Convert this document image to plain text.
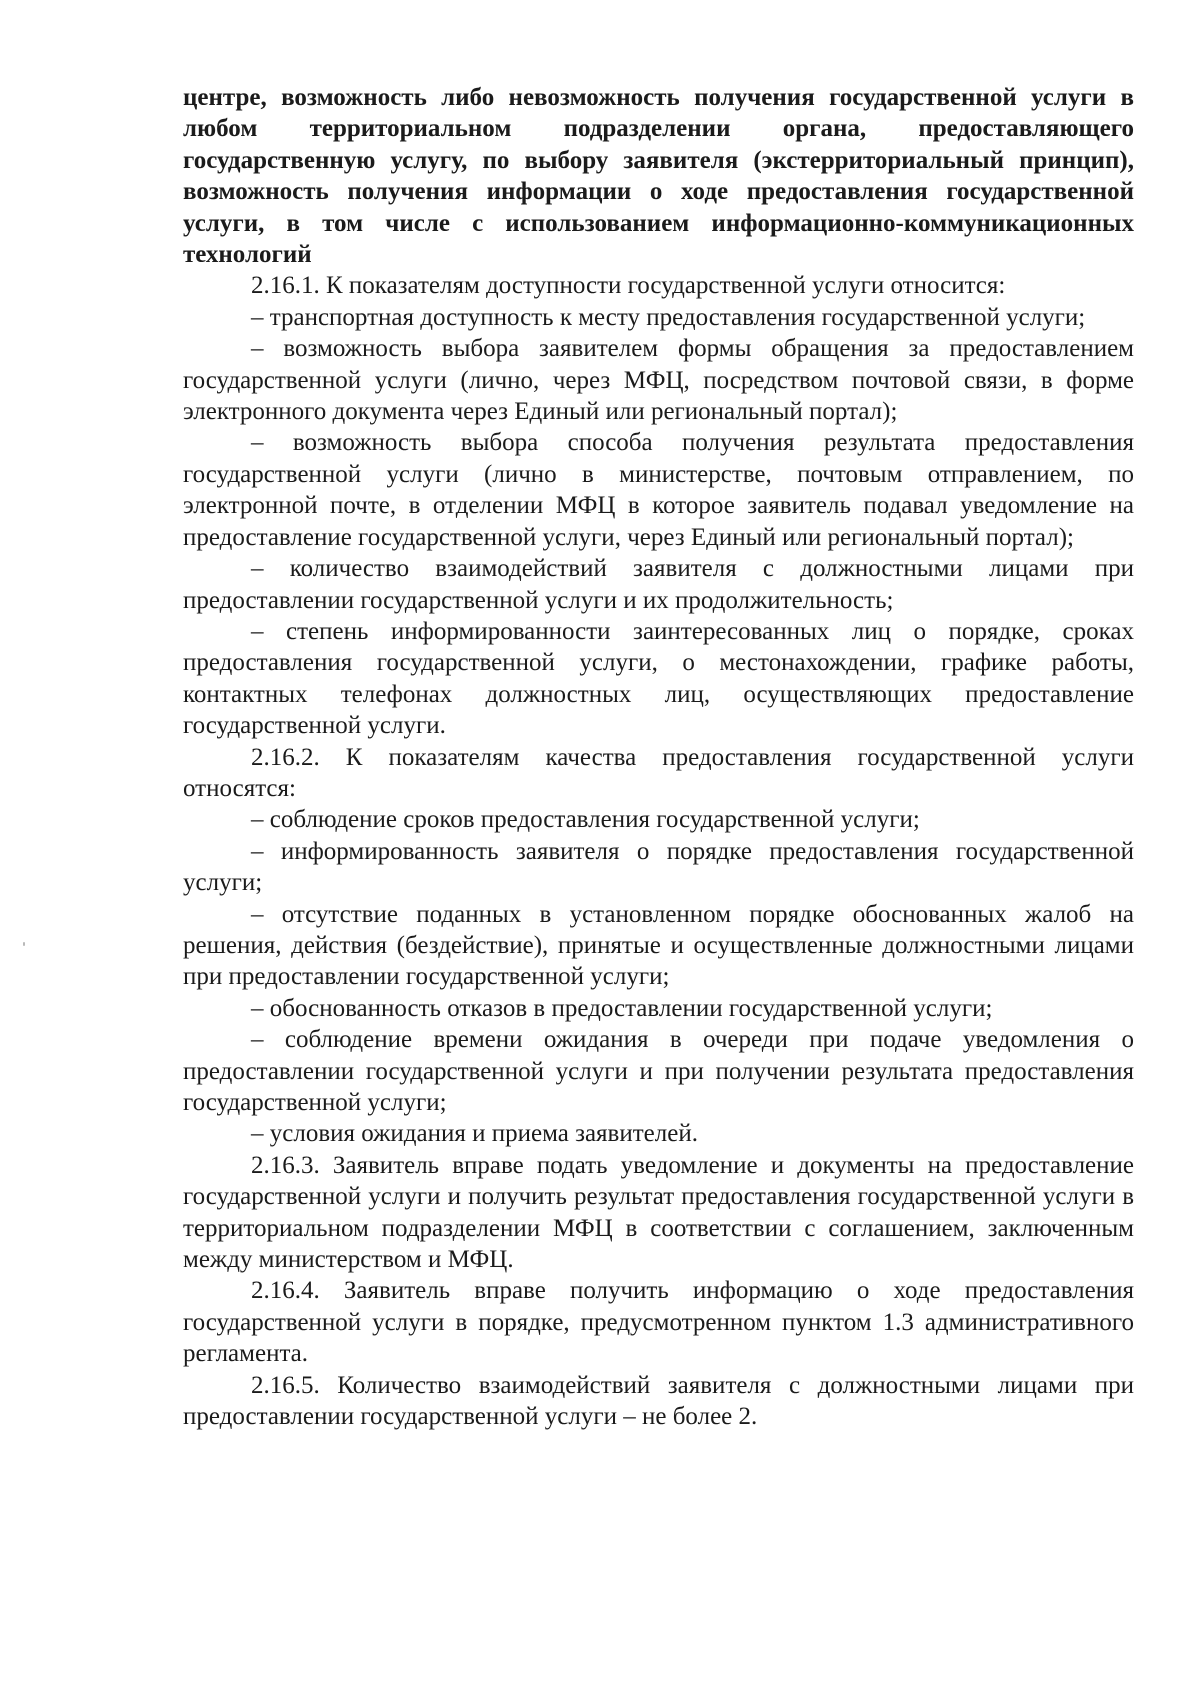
центре, возможность либо невозможность получения государственной услуги в любом территориальном подразделении органа, предоставляющего государственную услугу, по выбору заявителя (экстерриториальный принцип), возможность получения информации о ходе предоставления государственной услуги, в том числе с использованием информационно-коммуникационных технологий

2.16.1. К показателям доступности государственной услуги относится:

– транспортная доступность к месту предоставления государственной услуги;

– возможность выбора заявителем формы обращения за предоставлением государственной услуги (лично, через МФЦ, посредством почтовой связи, в форме электронного документа через Единый или региональный портал);

– возможность выбора способа получения результата предоставления государственной услуги (лично в министерстве, почтовым отправлением, по электронной почте, в отделении МФЦ в которое заявитель подавал уведомление на предоставление государственной услуги, через Единый или региональный портал);

– количество взаимодействий заявителя с должностными лицами при предоставлении государственной услуги и их продолжительность;

– степень информированности заинтересованных лиц о порядке, сроках предоставления государственной услуги, о местонахождении, графике работы, контактных телефонах должностных лиц, осуществляющих предоставление государственной услуги.

2.16.2. К показателям качества предоставления государственной услуги относятся:

– соблюдение сроков предоставления государственной услуги;

– информированность заявителя о порядке предоставления государственной услуги;

– отсутствие поданных в установленном порядке обоснованных жалоб на решения, действия (бездействие), принятые и осуществленные должностными лицами при предоставлении государственной услуги;

– обоснованность отказов в предоставлении государственной услуги;

– соблюдение времени ожидания в очереди при подаче уведомления о предоставлении государственной услуги и при получении результата предоставления государственной услуги;

– условия ожидания и приема заявителей.

2.16.3. Заявитель вправе подать уведомление и документы на предоставление государственной услуги и получить результат предоставления государственной услуги в территориальном подразделении МФЦ в соответствии с соглашением, заключенным между министерством и МФЦ.

2.16.4. Заявитель вправе получить информацию о ходе предоставления государственной услуги в порядке, предусмотренном пунктом 1.3 административного регламента.

2.16.5. Количество взаимодействий заявителя с должностными лицами при предоставлении государственной услуги – не более 2.
